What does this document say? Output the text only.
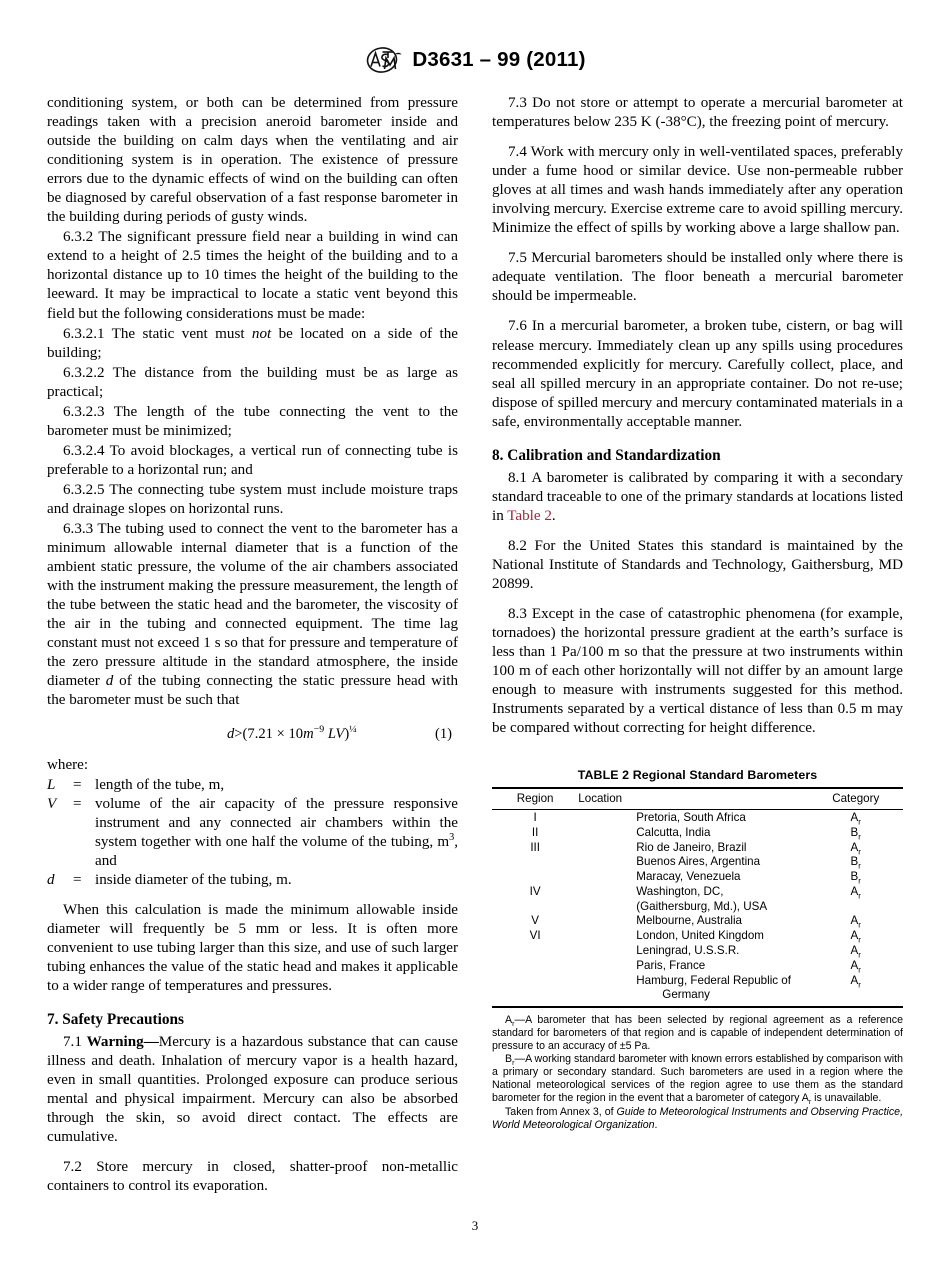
D3631 – 99 (2011)

conditioning system, or both can be determined from pressure readings taken with a precision aneroid barometer inside and outside the building on calm days when the ventilating and air conditioning system is in operation. The existence of pressure errors due to the dynamic effects of wind on the building can often be diagnosed by careful observation of a fast response barometer in the building during periods of gusty winds.

6.3.2 The significant pressure field near a building in wind can extend to a height of 2.5 times the height of the building and to a horizontal distance up to 10 times the height of the building to the leeward. It may be impractical to locate a static vent beyond this field but the following considerations must be made:

6.3.2.1 The static vent must not be located on a side of the building;

6.3.2.2 The distance from the building must be as large as practical;

6.3.2.3 The length of the tube connecting the vent to the barometer must be minimized;

6.3.2.4 To avoid blockages, a vertical run of connecting tube is preferable to a horizontal run; and

6.3.2.5 The connecting tube system must include moisture traps and drainage slopes on horizontal runs.

6.3.3 The tubing used to connect the vent to the barometer has a minimum allowable internal diameter that is a function of the ambient static pressure, the volume of the air chambers associated with the instrument making the pressure measurement, the length of the tube between the static head and the barometer, the viscosity of the air in the tubing and connected equipment. The time lag constant must not exceed 1 s so that for pressure and temperature of the zero pressure altitude in the standard atmosphere, the inside diameter d of the tubing connecting the static pressure head with the barometer must be such that

$d>(7.21 \times 10m^{-9}$ LV)$^{\frac{1}{4}}$	(1)
where:
L	= length of the tube, m,
V	= volume of the air capacity of the pressure responsive instrument and any connected air chambers within the system together with one half the volume of the tubing, $m^3$, and
d	= inside diameter of the tubing, m.

When this calculation is made the minimum allowable inside diameter will frequently be 5 mm or less. It is often more convenient to use tubing larger than this size, and use of such larger tubing enhances the value of the static head and makes it applicable to a wider range of temperatures and pressures.

7. Safety Precautions

7.1 Warning—Mercury is a hazardous substance that can cause illness and death. Inhalation of mercury vapor is a health hazard, even in small quantities. Prolonged exposure can produce serious mental and physical impairment. Mercury can also be absorbed through the skin, so avoid direct contact. The effects are cumulative.

7.2 Store mercury in closed, shatter-proof non-metallic containers to control its evaporation.

7.3 Do not store or attempt to operate a mercurial barometer at temperatures below 235 K (-38°C), the freezing point of mercury.

7.4 Work with mercury only in well-ventilated spaces, preferably under a fume hood or similar device. Use non-permeable rubber gloves at all times and wash hands immediately after any operation involving mercury. Exercise extreme care to avoid spilling mercury. Minimize the effect of spills by working above a large shallow pan.

7.5 Mercurial barometers should be installed only where there is adequate ventilation. The floor beneath a mercurial barometer should be impermeable.

7.6 In a mercurial barometer, a broken tube, cistern, or bag will release mercury. Immediately clean up any spills using procedures recommended explicitly for mercury. Carefully collect, place, and seal all spilled mercury in an appropriate container. Do not re-use; dispose of spilled mercury and mercury contaminated materials in a safe, environmentally acceptable manner.

8. Calibration and Standardization

8.1 A barometer is calibrated by comparing it with a secondary standard traceable to one of the primary standards at locations listed in Table 2.

8.2 For the United States this standard is maintained by the National Institute of Standards and Technology, Gaithersburg, MD 20899.

8.3 Except in the case of catastrophic phenomena (for example, tornadoes) the horizontal pressure gradient at the earth’s surface is less than 1 Pa/100 m so that the pressure at two instruments within 100 m of each other horizontally will not differ by an amount large enough to measure with instruments suggested for this method. Instruments separated by a vertical distance of less than 0.5 m may be compared without correcting for height difference.

TABLE 2 Regional Standard Barometers
Region	Location	Category
I	Pretoria, South Africa	$A_r$
II	Calcutta, India	$B_r$
III	Rio de Janeiro, Brazil	$A_r$
	Buenos Aires, Argentina	$B_r$
	Maracay, Venezuela	$B_r$
IV	Washington, DC,	$A_r$
	(Gaithersburg, Md.), USA	
V	Melbourne, Australia	$A_r$
VI	London, United Kingdom	$A_r$
	Leningrad, U.S.S.R.	$A_r$
	Paris, France	$A_r$
	Hamburg, Federal Republic of	$A_r$
	Germany	

$A_r—A$ barometer that has been selected by regional agreement as a reference standard for barometers of that region and is capable of independent determination of pressure to an accuracy of ±5 Pa.

$B_r—A$ working standard barometer with known errors established by comparison with a primary or secondary standard. Such barometers are used in a region where the National meteorological services of the region agree to use them as the standard barometer for the region in the event that a barometer of category $A_r$ is unavailable.

Taken from Annex 3, of Guide to Meteorological Instruments and Observing Practice, World Meteorological Organization.

3
